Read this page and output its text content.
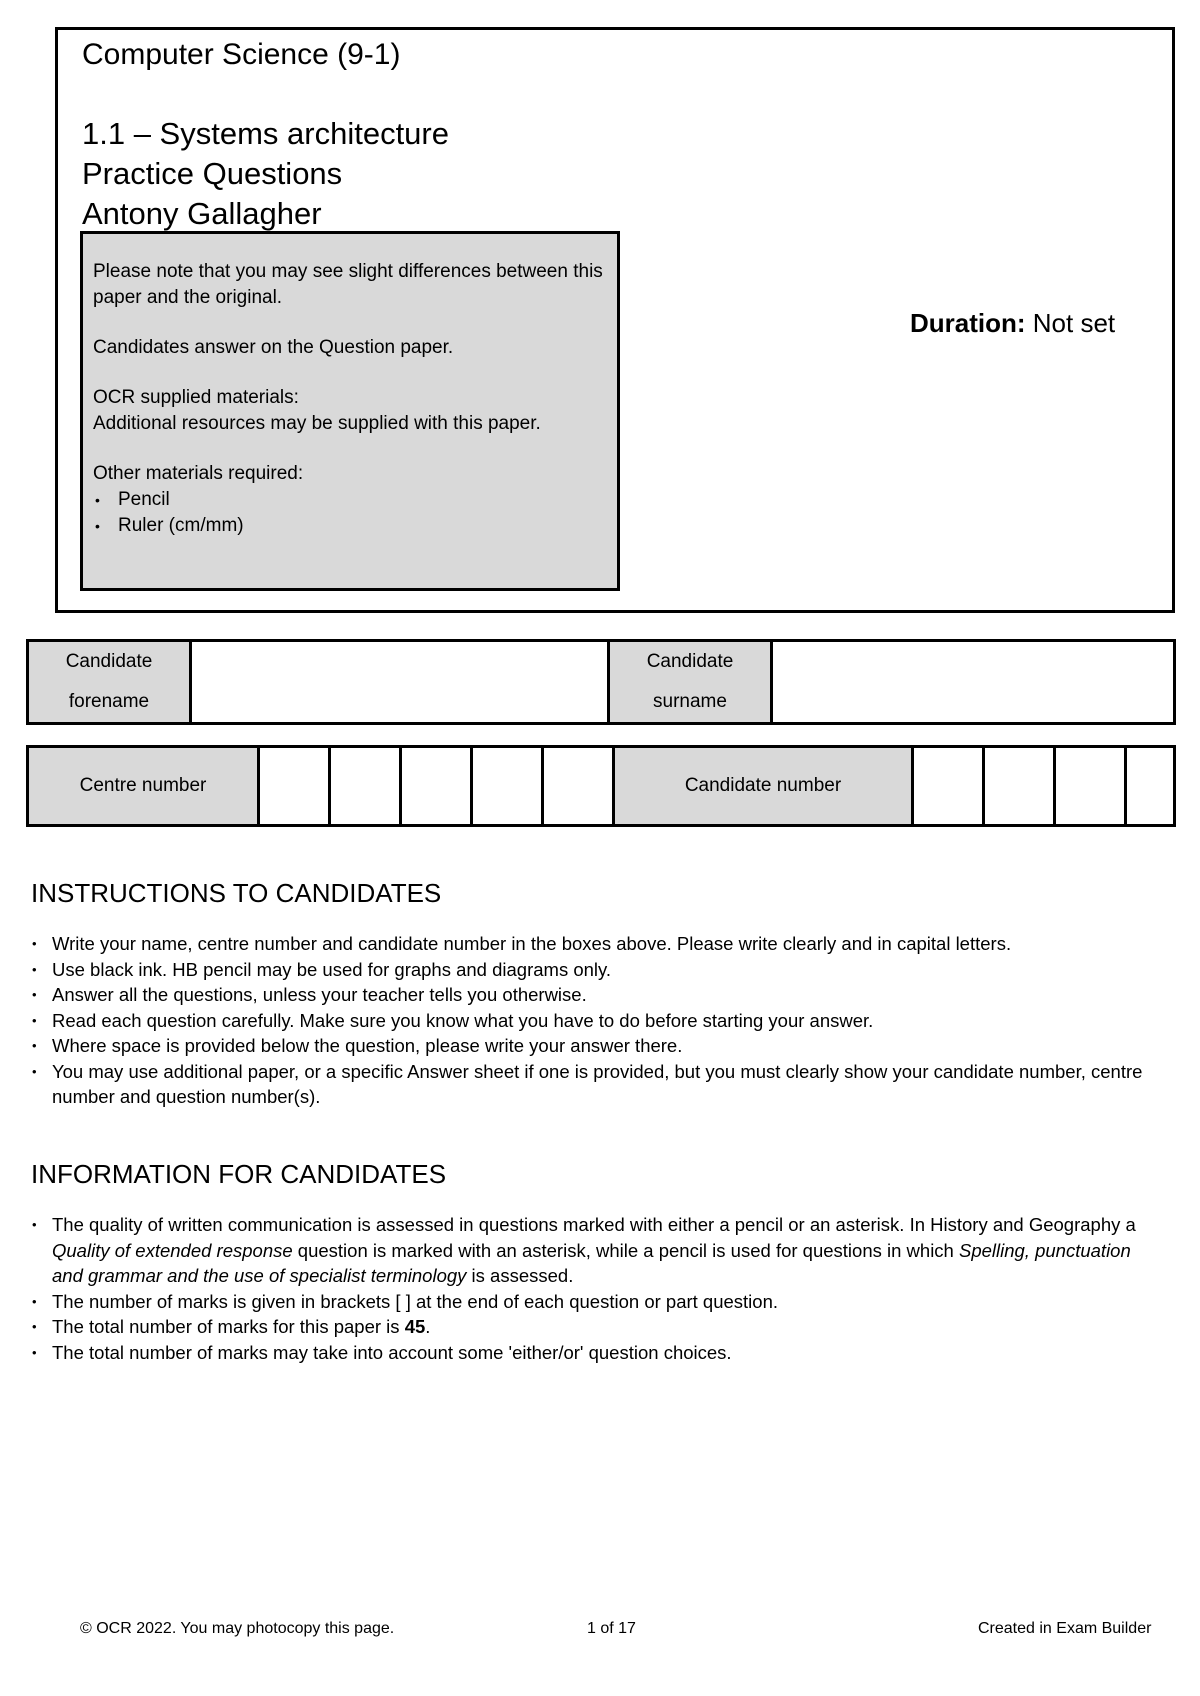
Computer Science (9-1)
1.1 – Systems architecture
Practice Questions
Antony Gallagher

Please note that you may see slight differences between this paper and the original.

Candidates answer on the Question paper.

OCR supplied materials:
Additional resources may be supplied with this paper.

Other materials required:
• Pencil
• Ruler (cm/mm)
Duration: Not set
Candidate forename		Candidate surname	
Centre number						Candidate number				
INSTRUCTIONS TO CANDIDATES
• Write your name, centre number and candidate number in the boxes above. Please write clearly and in capital letters.
• Use black ink. HB pencil may be used for graphs and diagrams only.
• Answer all the questions, unless your teacher tells you otherwise.
• Read each question carefully. Make sure you know what you have to do before starting your answer.
• Where space is provided below the question, please write your answer there.
• You may use additional paper, or a specific Answer sheet if one is provided, but you must clearly show your candidate number, centre number and question number(s).
INFORMATION FOR CANDIDATES
• The quality of written communication is assessed in questions marked with either a pencil or an asterisk. In History and Geography a Quality of extended response question is marked with an asterisk, while a pencil is used for questions in which Spelling, punctuation and grammar and the use of specialist terminology is assessed.
• The number of marks is given in brackets [ ] at the end of each question or part question.
• The total number of marks for this paper is 45.
• The total number of marks may take into account some 'either/or' question choices.
© OCR 2022. You may photocopy this page.	1 of 17	Created in Exam Builder
